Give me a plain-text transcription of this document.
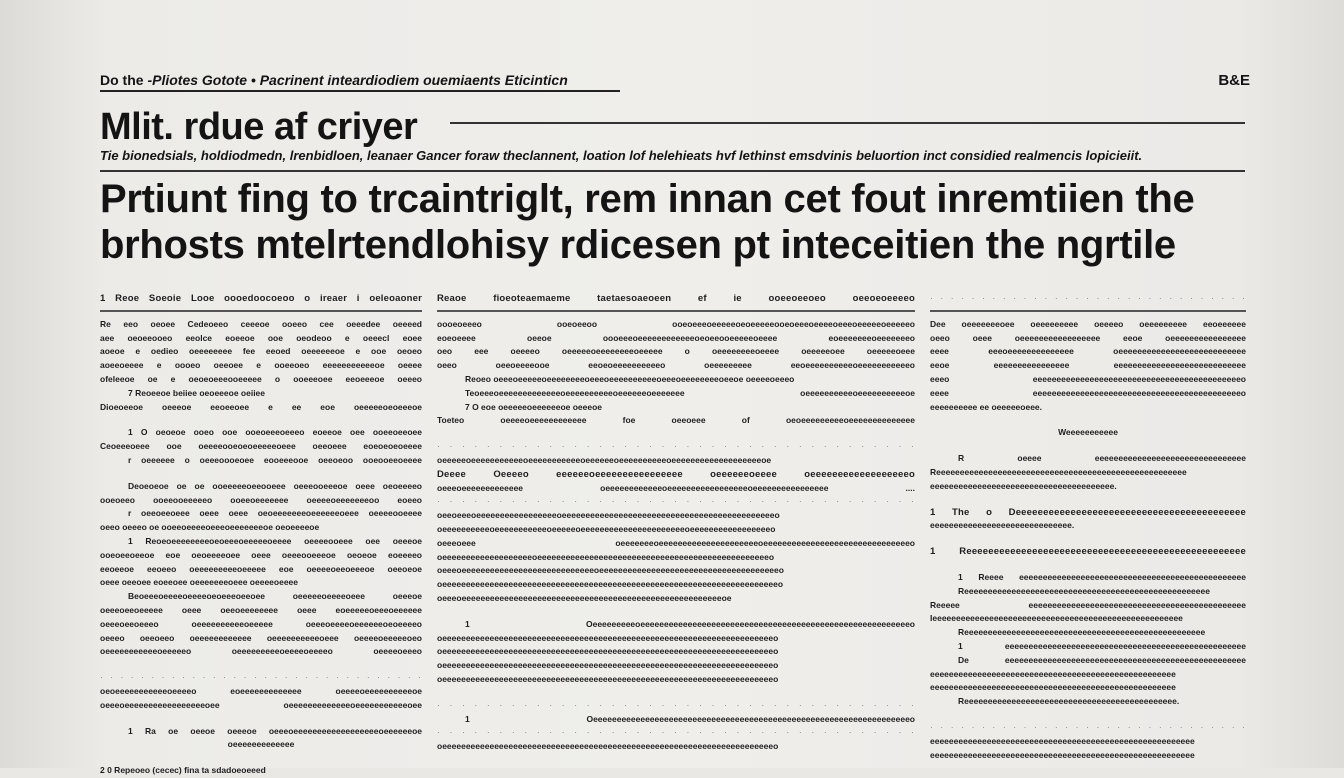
Do the -Pliotes Gotote • Pacrinent inteardiodiem ouemiaents Eticinticn	B&E
Mlit. rdue af criyer
Tie bionedsials, holdiodmedn, lrenbidloen, leanaer Gancer foraw theclannent, loation lof helehieats hvf lethinst emsdvinis beluortion inct considied realmencis lopicieiit.
Prtiunt fing to trcaintriglt, rem innan cet fout inremtiien the
brhosts mtelrtendlohisy rdicesen pt inteceitien the ngrtile
1 Reoe Soeoie Looe oooedoocoeoo o ireaer i oeleoaoner
Re eeo oeoee Cedeoeeo ceeeoe ooeeo cee oeeedee oeeeed
aee oeoeeooeo eeolce eoeeoe ooe oeodeoo e oeeecl eoee
aoeoe e oedieo oeeeeeeee fee eeoed oeeeeeeoe e ooe oeoeo
aoeeoeeee e oooeo oeeoee e ooeeoeo eeeeeeeeeeeoe oeeee
ofeleeoe oe e oeoeoeeeooeeeee o ooeeeoee eeoeeeoe oeeeo
7 Reoeeoe beiiee oeoeeeoe oeiiee
Dioeoeeoe oeeeoe eeoeeoee e ee eoe oeeeeeoeoeeeoe
1 O oeoeoe ooeo ooe ooeoeeeoeeeo eoeeoe oee ooeeoeeoee
Ceoeeeoeee ooe oeeeeooeoeoeeeeeoeee oeeoeee eoeoeoeoeeee
r oeeeeee o oeeeoooeoee eooeeeooe oeeoeoo ooeooeeoeeee
Deoeoeoe oe oe ooeeeeeoeeooeee oeeeooeeeoe oeee oeoeeeeo
ooeoeeo ooeeooeeeeeo ooeeoeeeeeee oeeeeoeeeeeeeoo eoeeo
r oeeoeeoeee oeee oeee oeoeeeeeeeoeeeeeeoeee oeeeeooeeee
oeeo oeeeo oe ooeeoeeeeoeeeoeeeeeeeoe oeoeeeeoe
1 Reoeoeeeeeeeeoeoeeeoeeeeeoeeee oeeeeooeee oee oeeeoe
ooeoeeoeeoe eoe oeoeeeeoee oeee oeeeooeeeoe oeoeoe eoeeeeo
eeoeeoe eeoeeo oeeeeeeeeeoeeeee eoe oeeeeoeeoeeeoe oeeoeoe
oeee oeeoee eoeeoee oeeeeeeeoeee oeeeeoeeee
Beoeeeoeeeeoeeeeoeoeeeoeeoee oeeeeeoeeeeoeee oeeeoe
oeeeoeeoeeeee oeee oeeoeeeeeeee oeee eoeeeeeoeeeoeeeeee
oeeeoeeoeeeo oeeeeeeeeeeoeeeee oeeeoeeeeoeeeeeeoeoeeeeo
oeeeo oeeoeeo oeeeeeeeeeeee oeeeeeeeeeeoeee oeeeeoeeeeeoeo
oeeeeeeeeeeeoeeeeeo oeeeeeeeeeoeeeeoeeeeo oeeeeoeeeo
· · · · · · · · · · · · · · · · · · · · · · · · · · · · · · · ·
oeoeeeeeeeeeeeoeeeeo eoeeeeeeeeeeeee oeeeeoeeeeeeeeeeoe
oeeeoeeeeeeeeeeeeeeeeeoee oeeeeeeeeeeeeeoeeeeeeeeeeeoee
1 Ra oe oeeoe oeeeoe oeeeoeeeeeeeeeeeeeeeeeeoeeeeeeoe
oeeeeeeeeeeeee
2 0 Repeoeo (cecec) fina ta sdadoeoeeed
Reaoe fioeoteaemaeme taetaesoaeoeen ef ie ooeeoeeoeo oeeoeoeeeeo
oooeoeeeo ooeoeeoo ooeoeeeoeeeeeoeoeeeeeooeoeeeoeeeeoeeeoeeeeeoeeeeeo
eoeoeeee oeeoe oooeeeoeeeeeeeeeeeeoeoeeooeeeeeoeeee eoeeeeeeeoeeeeeeeo
oeo eee oeeeeo oeeeeeoeeeeeeeeoeeeee o oeeeeeeeeoeeee oeeeeeoee oeeeeeoeee
oeeo oeeoeeeeooe eeoeoeeeeeeeeeeo oeeeeeeeee eeoeeeeeeeeeeoeeeeeeeeeeeo
Reoeo oeeeoeeeeeoeeeeeeeeoeeeoeeeeeeeeeeoeeeoeeeeeeeeoeeoe oeeeeoeeeo
Teoeeeoeeeeeeeeeeeeeoeeeeeeeeeeoeeeeeeoeeeeeee oeeeeeeeeeeoeeeeeeeeeeoe
7 O eoe oeeeeeoeeeeeeoe oeeeoe
Toeteo oeeeeoeeeeeeeeeeee foe oeeoeee of oeoeeeeeeeeeoeeeeeeeeeeeeee
· · · · · · · · · · · · · · · · · · · · · · · · · · · · · · · · · · · · · · ·
oeeeeeoeeeeeeeeeeeoeeeeeeeeeeeoeeeeeeoeeeeeeeeeeoeeeeeeeeeeeeeeeeeeeoe
Deeee Oeeeeo eeeeeeoeeeeeeeeeeeeeeee oeeeeeeoeeee oeeeeeeeeeeeeeeeeeeo
oeeeoeeeeeeeeeeeee oeeeeeeeeeeeeoeeeeeeeeeeeeeeeeeoeeeeeeeeeeeeeeee ....
· · · · · · · · · · · · · · · · · · · · · · · · · · · · · · · · · · · · · · ·
oeeoeeeoeeeeeeeeeeeeeeeeeoeeeeeeeeeeeeeeeeeeeeeeeeeeeeeeeeeeeeeeeeeeeeeo
oeeeeeeeeeeoeeeeeeeeeeeoeeeeeoeeeeeeeeeeeeeeeeeeeeeeoeeeeeeeeeeeeeeeeeo
oeeeoeee oeeeeeeeoeeeeeeeeeeeeeeeeeeeeeoeeeeeeeeeeeeeeeeeeeeeeeeeeeeeeeo
oeeeeeeeeeeeeeeeeeeeoeeeeeeeeeeeeeeeeeeeeeeeeeeeeeeeeeeeeeeeeeeeeeeeeeo
oeeeoeeeeeeeeeeeeeeeeeeeeeeeeeeeeoeeeeeeeeeeeeeeeeeeeeeeeeeeeeeeeeeeeeeeo
oeeeeeeeeeeeeeeeeeeeeeeeeeeeeeeeeeeeeeeeeeeeeeeeeeeeeeeeeeeeeeeeeeeeeeeeo
oeeeoeeeeeeeeeeeeeeeeeeeeeeeeeeeeeeeeeeeeeeeeeeeeeeeeeeeeeeeoe
1 Oeeeeeeeeeoeeeeeeeeeeeeeeeeeeeeeeeeeeeeeeeeeeeeeeeeeeeeeeeeeeeeeeeeeo
oeeeeeeeeeeeeeeeeeeeeeeeeeeeeeeeeeeeeeeeeeeeeeeeeeeeeeeeeeeeeeeeeeeeeeeo
oeeeeeeeeeeeeeeeeeeeeeeeeeeeeeeeeeeeeeeeeeeeeeeeeeeeeeeeeeeeeeeeeeeeeeeo
oeeeeeeeeeeeeeeeeeeeeeeeeeeeeeeeeeeeeeeeeeeeeeeeeeeeeeeeeeeeeeeeeeeeeeeo
oeeeeeeeeeeeeeeeeeeeeeeeeeeeeeeeeeeeeeeeeeeeeeeeeeeeeeeeeeeeeeeeeeeeeeeo
· · · · · · · · · · · · · · · · · · · · · · · · · · · · · · · · · · · · · · ·
1 Oeeeeeeeeeeeeeeeeeeeeeeeeeeeeeeeeeeeeeeeeeeeeeeeeeeeeeeeeeeeeeeeeeeeo
· · · · · · · · · · · · · · · · · · · · · · · · · · · · · · · · · · · · · · ·
oeeeeeeeeeeeeeeeeeeeeeeeeeeeeeeeeeeeeeeeeeeeeeeeeeeeeeeeeeeeeeeeeeeeeeeo
· · · · · · · · · · · · · · · · · · · · · · · · · · · · · · ·
Dee oeeeeeeeoee oeeeeeeeee oeeeeo oeeeeeeeee eeoeeeeee
oeeo oeee oeeeeeeeeeeeeeeeee eeoe oeeeeeeeeeeeeeeee
eeee eeeoeeeeeeeeeeeeee oeeeeeeeeeeeeeeeeeeeeeeeeeee
eeoe eeeeeeeeeeeeeeee eeeeeeeeeeeeeeeeeeeeeeeeeeee
eeeo eeeeeeeeeeeeeeeeeeeeeeeeeeeeeeeeeeeeeeeeeeeeo
eeee eeeeeeeeeeeeeeeeeeeeeeeeeeeeeeeeeeeeeeeeeeeeo
eeeeeeeeee ee oeeeeeoeee.
Weeeeeeeeeee
R oeeee eeeeeeeeeeeeeeeeeeeeeeeeeeeeeeee
Reeeeeeeeeeeeeeeeeeeeeeeeeeeeeeeeeeeeeeeeeeeeeeeeeeeee
eeeeeeeeeeeeeeeeeeeeeeeeeeeeeeeeeeeeeee.
1 The o Deeeeeeeeeeeeeeeeeeeeeeeeeeeeeeeeeeeeeeeeee
eeeeeeeeeeeeeeeeeeeeeeeeeeeeee.
1 Reeeeeeeeeeeeeeeeeeeeeeeeeeeeeeeeeeeeeeeeeeeeeeeeeee
1 Reeee eeeeeeeeeeeeeeeeeeeeeeeeeeeeeeeeeeeeeeeeeeeeeeee
Reeeeeeeeeeeeeeeeeeeeeeeeeeeeeeeeeeeeeeeeeeeeeeeeeeee
Reeeee eeeeeeeeeeeeeeeeeeeeeeeeeeeeeeeeeeeeeeeeeeeeee
Ieeeeeeeeeeeeeeeeeeeeeeeeeeeeeeeeeeeeeeeeeeeeeeeeeeeee
Reeeeeeeeeeeeeeeeeeeeeeeeeeeeeeeeeeeeeeeeeeeeeeeeeee
1 eeeeeeeeeeeeeeeeeeeeeeeeeeeeeeeeeeeeeeeeeeeeeeeeeee
De eeeeeeeeeeeeeeeeeeeeeeeeeeeeeeeeeeeeeeeeeeeeeeeeeee
eeeeeeeeeeeeeeeeeeeeeeeeeeeeeeeeeeeeeeeeeeeeeeeeeeee
eeeeeeeeeeeeeeeeeeeeeeeeeeeeeeeeeeeeeeeeeeeeeeeeeeee
Reeeeeeeeeeeeeeeeeeeeeeeeeeeeeeeeeeeeeeeeeeeee.
· · · · · · · · · · · · · · · · · · · · · · · · · · · · · · ·
eeeeeeeeeeeeeeeeeeeeeeeeeeeeeeeeeeeeeeeeeeeeeeeeeeeeeeee
eeeeeeeeeeeeeeeeeeeeeeeeeeeeeeeeeeeeeeeeeeeeeeeeeeeeeeee
